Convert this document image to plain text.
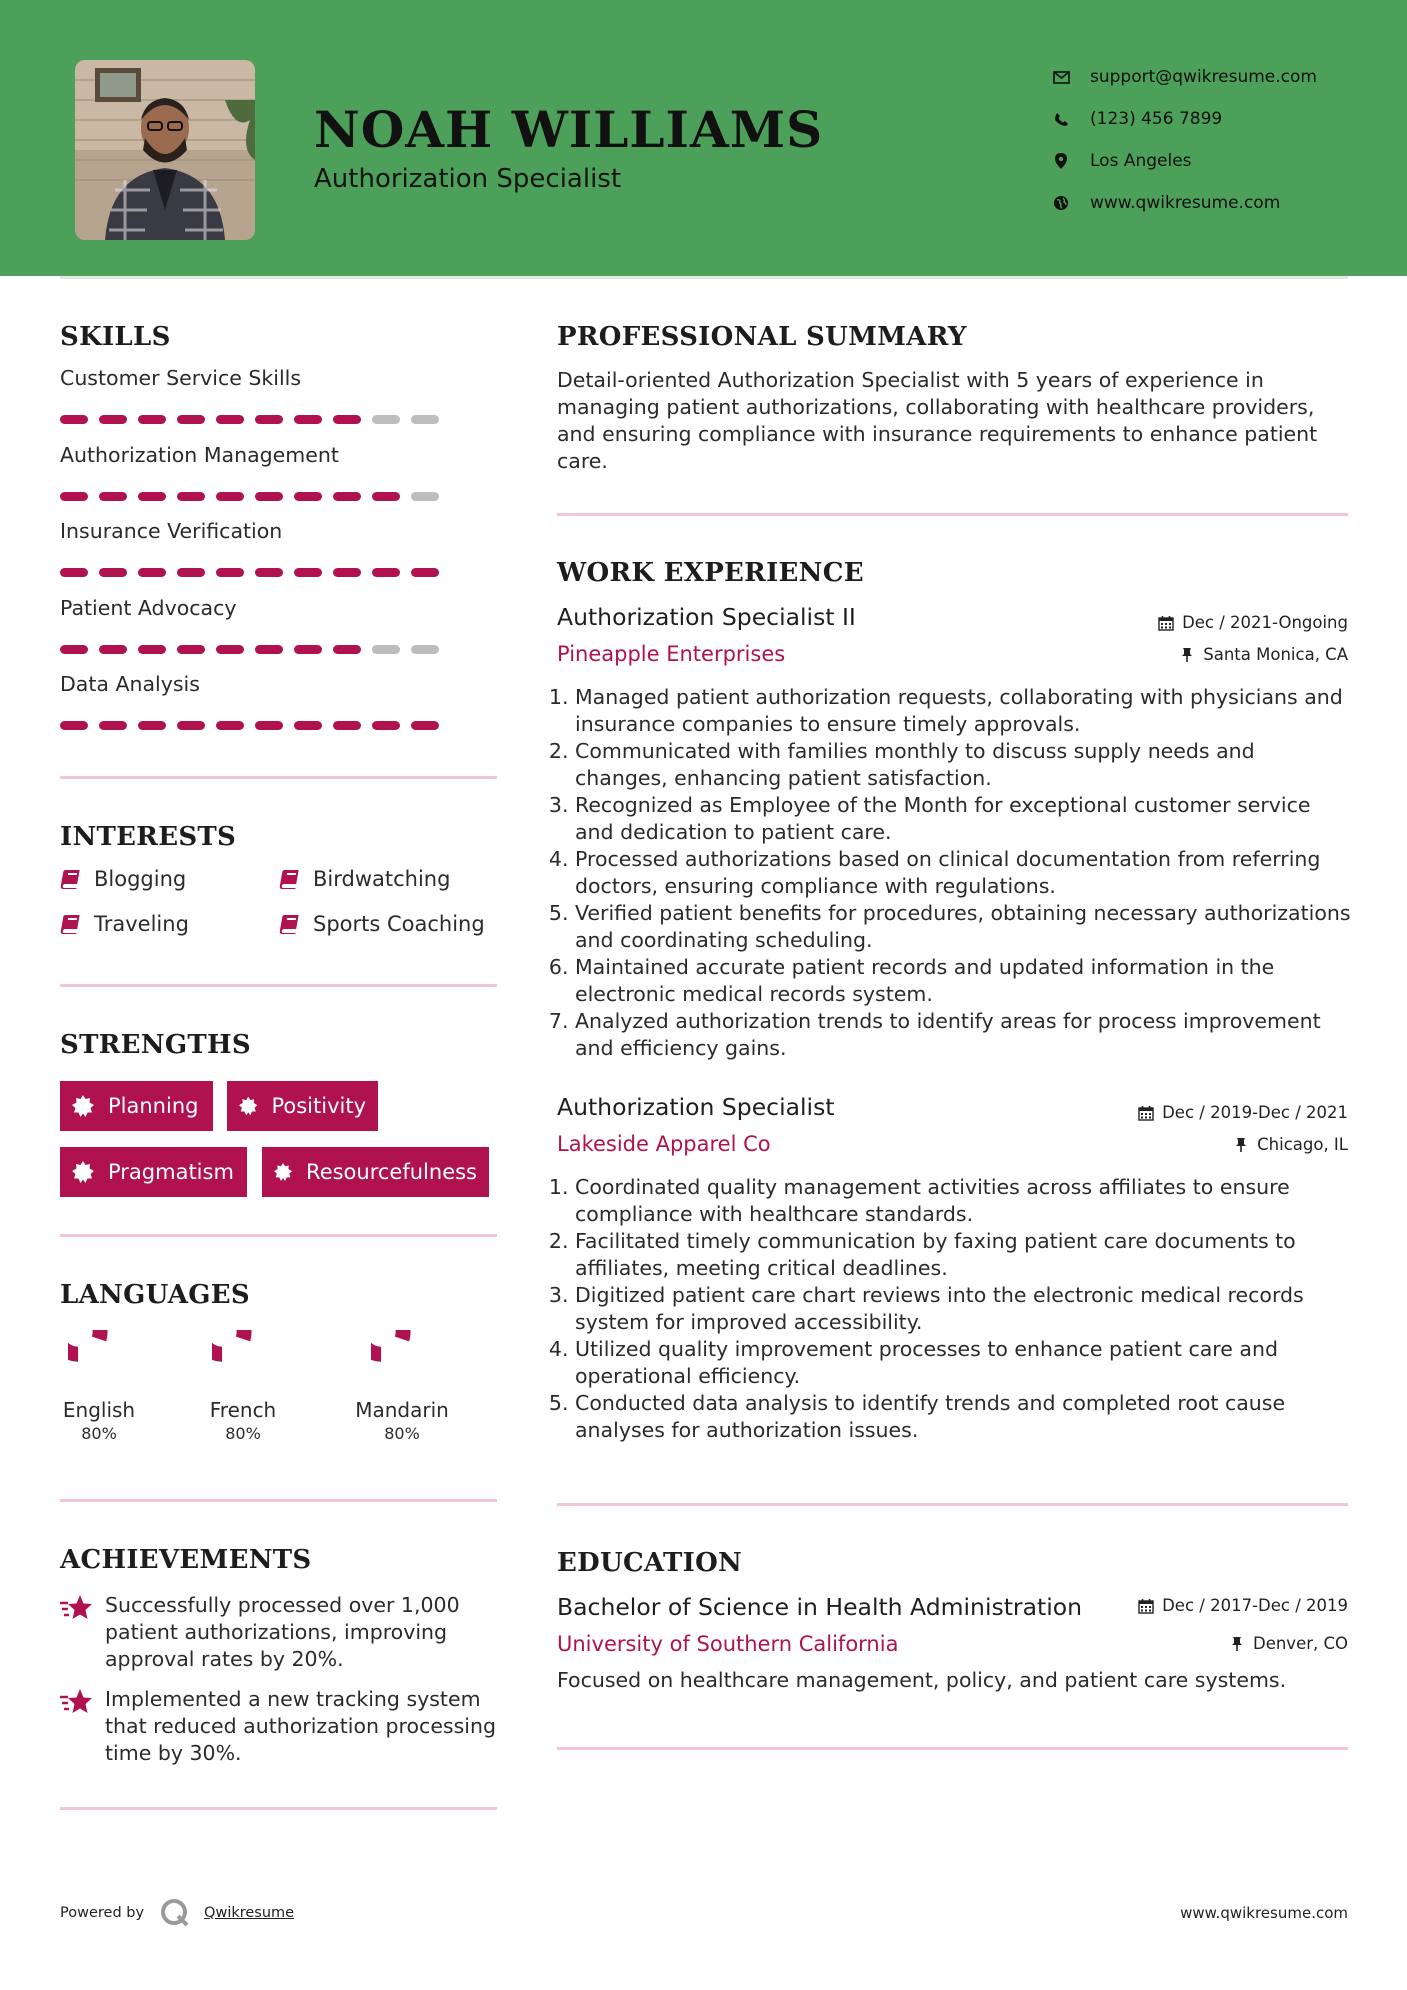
NOAH WILLIAMS
Authorization Specialist
support@qwikresume.com
(123) 456 7899
Los Angeles
www.qwikresume.com
SKILLS
Customer Service Skills
Authorization Management
Insurance Verification
Patient Advocacy
Data Analysis
INTERESTS
Blogging	Birdwatching
Traveling	Sports Coaching
STRENGTHS
Planning	Positivity
Pragmatism	Resourcefulness
LANGUAGES
English
80%
French
80%
Mandarin
80%
ACHIEVEMENTS
Successfully processed over 1,000 patient authorizations, improving approval rates by 20%.
Implemented a new tracking system that reduced authorization processing time by 30%.
PROFESSIONAL SUMMARY
Detail-oriented Authorization Specialist with 5 years of experience in managing patient authorizations, collaborating with healthcare providers, and ensuring compliance with insurance requirements to enhance patient care.
WORK EXPERIENCE
Authorization Specialist II	Dec / 2021-Ongoing
Pineapple Enterprises	Santa Monica, CA
1. Managed patient authorization requests, collaborating with physicians and insurance companies to ensure timely approvals.
2. Communicated with families monthly to discuss supply needs and changes, enhancing patient satisfaction.
3. Recognized as Employee of the Month for exceptional customer service and dedication to patient care.
4. Processed authorizations based on clinical documentation from referring doctors, ensuring compliance with regulations.
5. Verified patient benefits for procedures, obtaining necessary authorizations and coordinating scheduling.
6. Maintained accurate patient records and updated information in the electronic medical records system.
7. Analyzed authorization trends to identify areas for process improvement and efficiency gains.
Authorization Specialist	Dec / 2019-Dec / 2021
Lakeside Apparel Co	Chicago, IL
1. Coordinated quality management activities across affiliates to ensure compliance with healthcare standards.
2. Facilitated timely communication by faxing patient care documents to affiliates, meeting critical deadlines.
3. Digitized patient care chart reviews into the electronic medical records system for improved accessibility.
4. Utilized quality improvement processes to enhance patient care and operational efficiency.
5. Conducted data analysis to identify trends and completed root cause analyses for authorization issues.
EDUCATION
Bachelor of Science in Health Administration	Dec / 2017-Dec / 2019
University of Southern California	Denver, CO
Focused on healthcare management, policy, and patient care systems.
Powered by	Qwikresume	www.qwikresume.com
